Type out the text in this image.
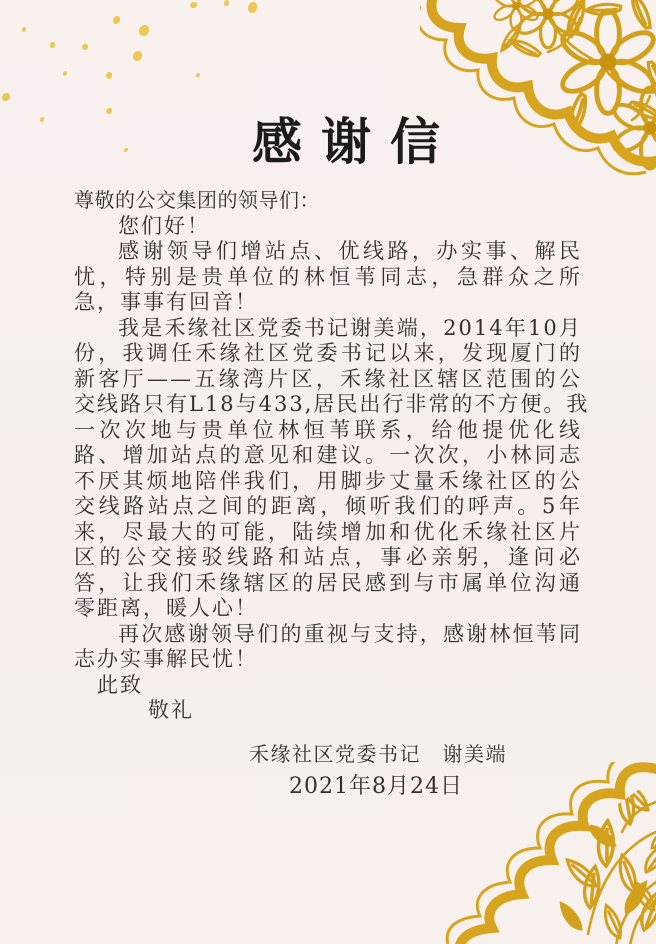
感谢信
尊敬的公交集团的领导们：
您们好！
感谢领导们增站点、优线路，办实事、解民
忧，特别是贵单位的林恒苇同志，急群众之所
急，事事有回音！
我是禾缘社区党委书记谢美端，2014年10月
份，我调任禾缘社区党委书记以来，发现厦门的
新客厅——五缘湾片区，禾缘社区辖区范围的公
交线路只有L18与433,居民出行非常的不方便。我
一次次地与贵单位林恒苇联系，给他提优化线
路、增加站点的意见和建议。一次次，小林同志
不厌其烦地陪伴我们，用脚步丈量禾缘社区的公
交线路站点之间的距离，倾听我们的呼声。5年
来，尽最大的可能，陆续增加和优化禾缘社区片
区的公交接驳线路和站点，事必亲躬，逢问必
答，让我们禾缘辖区的居民感到与市属单位沟通
零距离，暖人心！
再次感谢领导们的重视与支持，感谢林恒苇同
志办实事解民忧！
此致
敬礼
禾缘社区党委书记　谢美端
2021年8月24日
